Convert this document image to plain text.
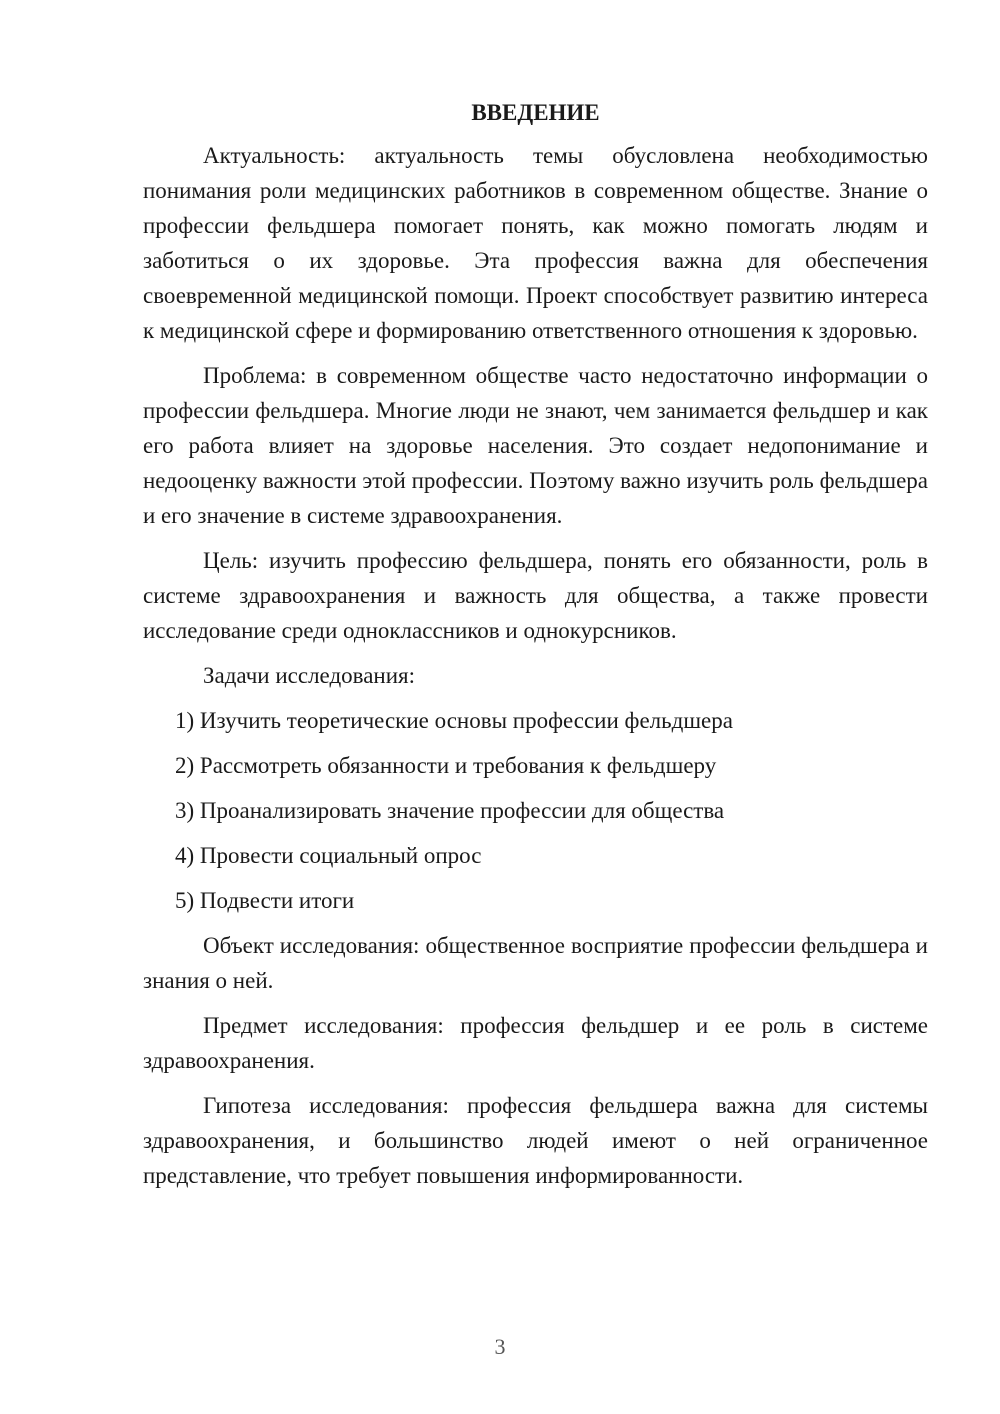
ВВЕДЕНИЕ

Актуальность: актуальность темы обусловлена необходимостью понимания роли медицинских работников в современном обществе. Знание о профессии фельдшера помогает понять, как можно помогать людям и заботиться о их здоровье. Эта профессия важна для обеспечения своевременной медицинской помощи. Проект способствует развитию интереса к медицинской сфере и формированию ответственного отношения к здоровью.

Проблема: в современном обществе часто недостаточно информации о профессии фельдшера. Многие люди не знают, чем занимается фельдшер и как его работа влияет на здоровье населения. Это создает недопонимание и недооценку важности этой профессии. Поэтому важно изучить роль фельдшера и его значение в системе здравоохранения.

Цель: изучить профессию фельдшера, понять его обязанности, роль в системе здравоохранения и важность для общества, а также провести исследование среди одноклассников и однокурсников.

Задачи исследования:

1) Изучить теоретические основы профессии фельдшера
2) Рассмотреть обязанности и требования к фельдшеру
3) Проанализировать значение профессии для общества
4) Провести социальный опрос
5) Подвести итоги

Объект исследования: общественное восприятие профессии фельдшера и знания о ней.

Предмет исследования: профессия фельдшер и ее роль в системе здравоохранения.

Гипотеза исследования: профессия фельдшера важна для системы здравоохранения, и большинство людей имеют о ней ограниченное представление, что требует повышения информированности.

3
